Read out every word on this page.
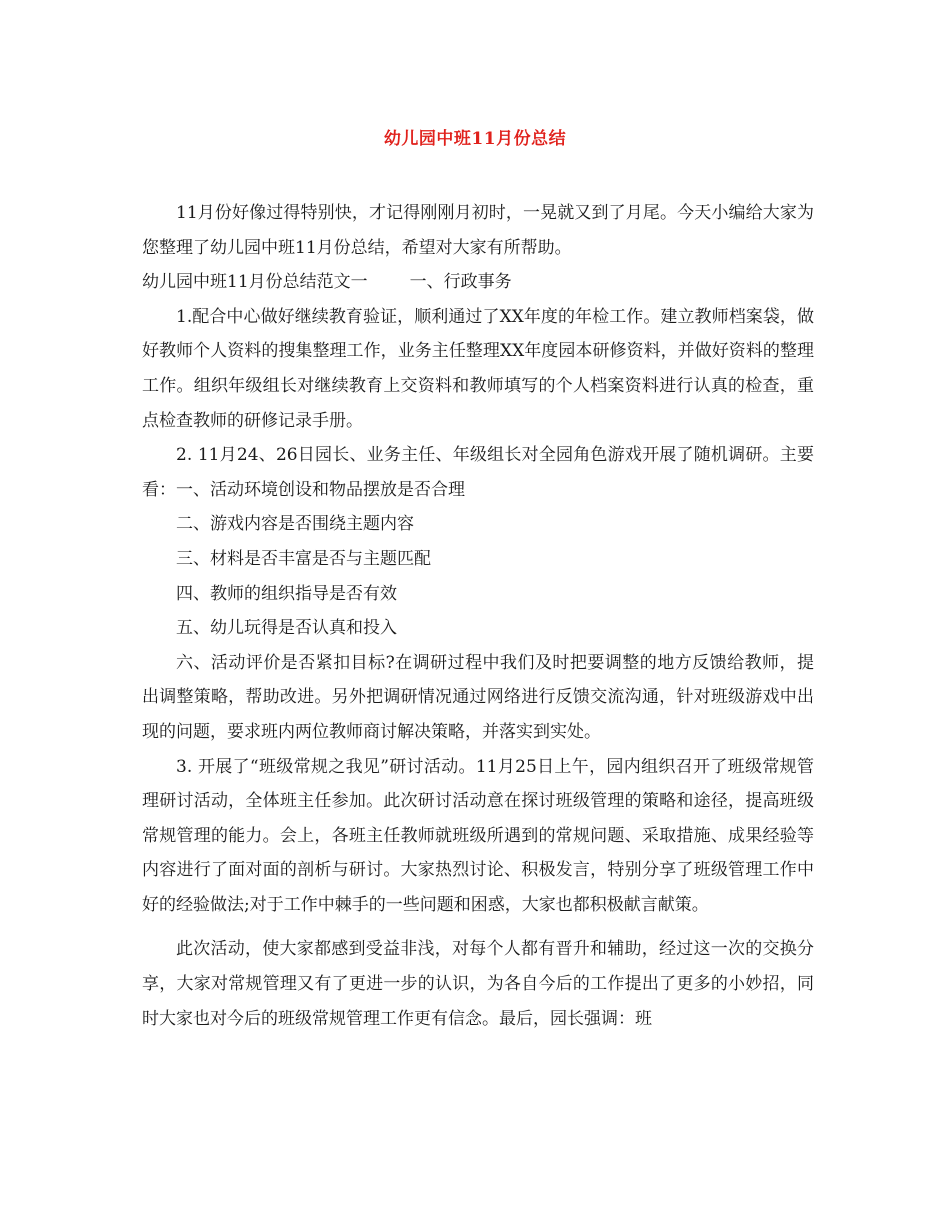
幼儿园中班11月份总结

11月份好像过得特别快，才记得刚刚月初时，一晃就又到了月尾。今天小编给大家为您整理了幼儿园中班11月份总结，希望对大家有所帮助。

幼儿园中班11月份总结范文一 一、行政事务

1.配合中心做好继续教育验证，顺利通过了XX年度的年检工作。建立教师档案袋，做好教师个人资料的搜集整理工作，业务主任整理XX年度园本研修资料，并做好资料的整理工作。组织年级组长对继续教育上交资料和教师填写的个人档案资料进行认真的检查，重点检查教师的研修记录手册。

2. 11月24、26日园长、业务主任、年级组长对全园角色游戏开展了随机调研。主要看：一、活动环境创设和物品摆放是否合理

二、游戏内容是否围绕主题内容

三、材料是否丰富是否与主题匹配

四、教师的组织指导是否有效

五、幼儿玩得是否认真和投入

六、活动评价是否紧扣目标?在调研过程中我们及时把要调整的地方反馈给教师，提出调整策略，帮助改进。另外把调研情况通过网络进行反馈交流沟通，针对班级游戏中出现的问题，要求班内两位教师商讨解决策略，并落实到实处。

3. 开展了“班级常规之我见”研讨活动。11月25日上午，园内组织召开了班级常规管理研讨活动，全体班主任参加。此次研讨活动意在探讨班级管理的策略和途径，提高班级常规管理的能力。会上，各班主任教师就班级所遇到的常规问题、采取措施、成果经验等内容进行了面对面的剖析与研讨。大家热烈讨论、积极发言，特别分享了班级管理工作中好的经验做法;对于工作中棘手的一些问题和困惑，大家也都积极献言献策。

此次活动，使大家都感到受益非浅，对每个人都有晋升和辅助，经过这一次的交换分享，大家对常规管理又有了更进一步的认识，为各自今后的工作提出了更多的小妙招，同时大家也对今后的班级常规管理工作更有信念。最后，园长强调：班
